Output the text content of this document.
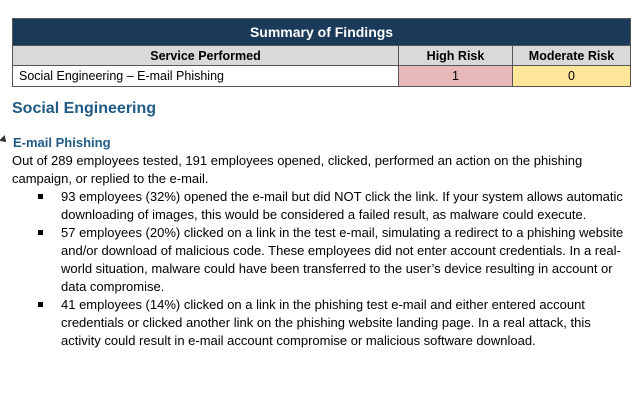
Summary of Findings		
Service Performed	High Risk	Moderate Risk
Social Engineering – E-mail Phishing	1	0
Social Engineering
E-mail Phishing

Out of 289 employees tested, 191 employees opened, clicked, performed an action on the phishing campaign, or replied to the e-mail.

93 employees (32%) opened the e-mail but did NOT click the link. If your system allows automatic downloading of images, this would be considered a failed result, as malware could execute.
57 employees (20%) clicked on a link in the test e-mail, simulating a redirect to a phishing website and/or download of malicious code. These employees did not enter account credentials. In a real-world situation, malware could have been transferred to the user’s device resulting in account or data compromise.
41 employees (14%) clicked on a link in the phishing test e-mail and either entered account credentials or clicked another link on the phishing website landing page. In a real attack, this activity could result in e-mail account compromise or malicious software download.
